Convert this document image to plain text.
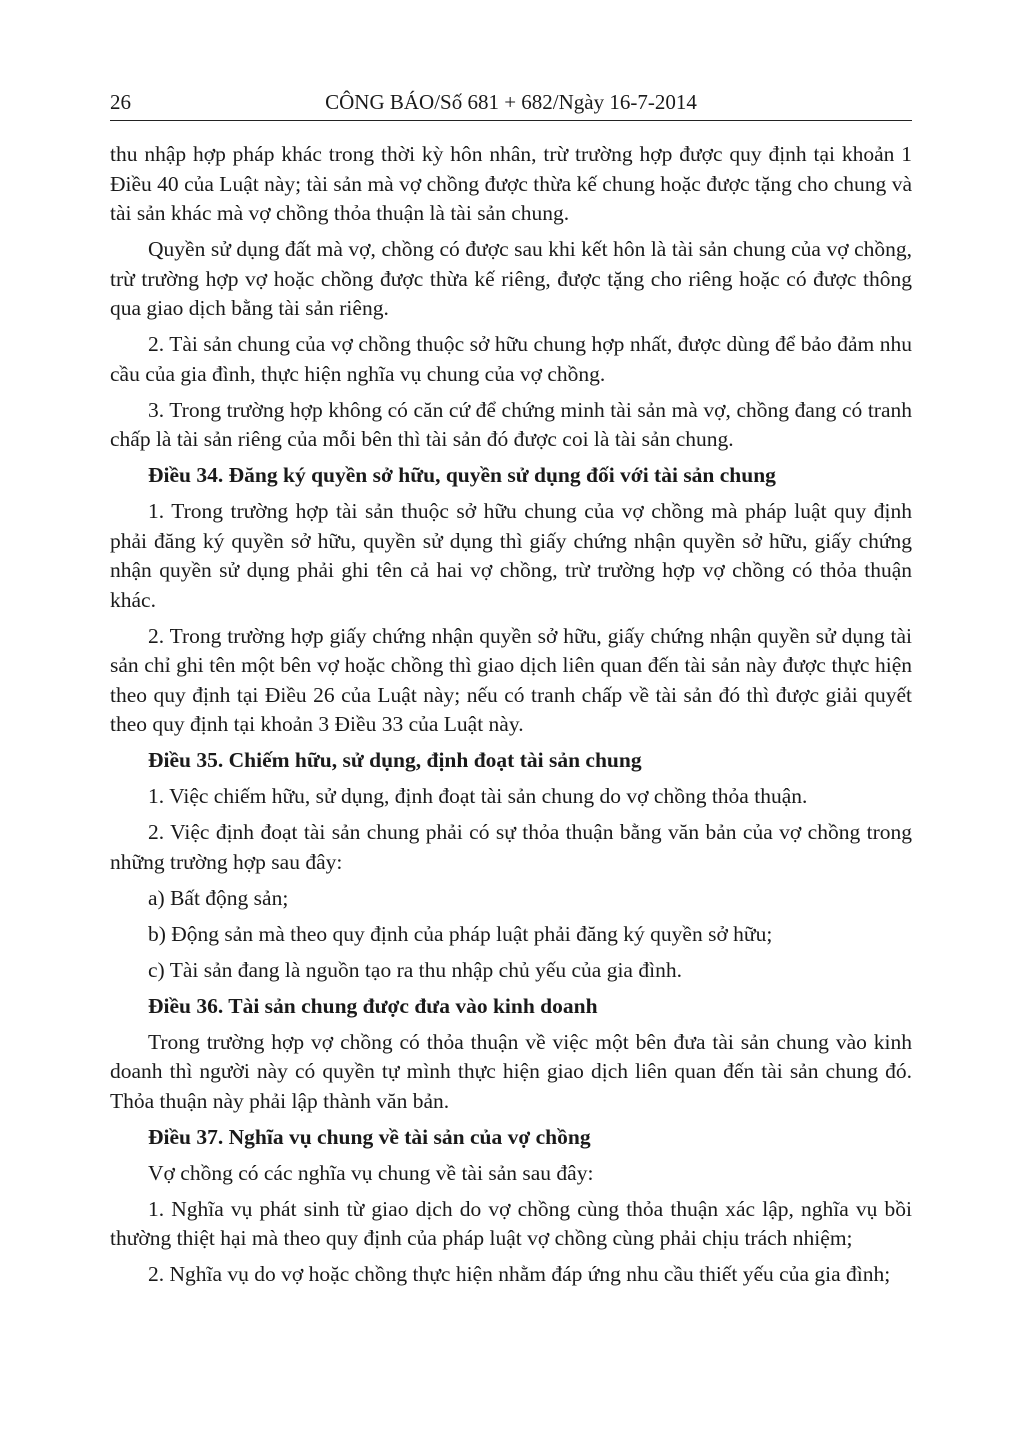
26	CÔNG BÁO/Số 681 + 682/Ngày 16-7-2014

thu nhập hợp pháp khác trong thời kỳ hôn nhân, trừ trường hợp được quy định tại khoản 1 Điều 40 của Luật này; tài sản mà vợ chồng được thừa kế chung hoặc được tặng cho chung và tài sản khác mà vợ chồng thỏa thuận là tài sản chung.

Quyền sử dụng đất mà vợ, chồng có được sau khi kết hôn là tài sản chung của vợ chồng, trừ trường hợp vợ hoặc chồng được thừa kế riêng, được tặng cho riêng hoặc có được thông qua giao dịch bằng tài sản riêng.

2. Tài sản chung của vợ chồng thuộc sở hữu chung hợp nhất, được dùng để bảo đảm nhu cầu của gia đình, thực hiện nghĩa vụ chung của vợ chồng.

3. Trong trường hợp không có căn cứ để chứng minh tài sản mà vợ, chồng đang có tranh chấp là tài sản riêng của mỗi bên thì tài sản đó được coi là tài sản chung.

Điều 34. Đăng ký quyền sở hữu, quyền sử dụng đối với tài sản chung

1. Trong trường hợp tài sản thuộc sở hữu chung của vợ chồng mà pháp luật quy định phải đăng ký quyền sở hữu, quyền sử dụng thì giấy chứng nhận quyền sở hữu, giấy chứng nhận quyền sử dụng phải ghi tên cả hai vợ chồng, trừ trường hợp vợ chồng có thỏa thuận khác.

2. Trong trường hợp giấy chứng nhận quyền sở hữu, giấy chứng nhận quyền sử dụng tài sản chỉ ghi tên một bên vợ hoặc chồng thì giao dịch liên quan đến tài sản này được thực hiện theo quy định tại Điều 26 của Luật này; nếu có tranh chấp về tài sản đó thì được giải quyết theo quy định tại khoản 3 Điều 33 của Luật này.

Điều 35. Chiếm hữu, sử dụng, định đoạt tài sản chung

1. Việc chiếm hữu, sử dụng, định đoạt tài sản chung do vợ chồng thỏa thuận.

2. Việc định đoạt tài sản chung phải có sự thỏa thuận bằng văn bản của vợ chồng trong những trường hợp sau đây:

a) Bất động sản;

b) Động sản mà theo quy định của pháp luật phải đăng ký quyền sở hữu;

c) Tài sản đang là nguồn tạo ra thu nhập chủ yếu của gia đình.

Điều 36. Tài sản chung được đưa vào kinh doanh

Trong trường hợp vợ chồng có thỏa thuận về việc một bên đưa tài sản chung vào kinh doanh thì người này có quyền tự mình thực hiện giao dịch liên quan đến tài sản chung đó. Thỏa thuận này phải lập thành văn bản.

Điều 37. Nghĩa vụ chung về tài sản của vợ chồng

Vợ chồng có các nghĩa vụ chung về tài sản sau đây:

1. Nghĩa vụ phát sinh từ giao dịch do vợ chồng cùng thỏa thuận xác lập, nghĩa vụ bồi thường thiệt hại mà theo quy định của pháp luật vợ chồng cùng phải chịu trách nhiệm;

2. Nghĩa vụ do vợ hoặc chồng thực hiện nhằm đáp ứng nhu cầu thiết yếu của gia đình;
